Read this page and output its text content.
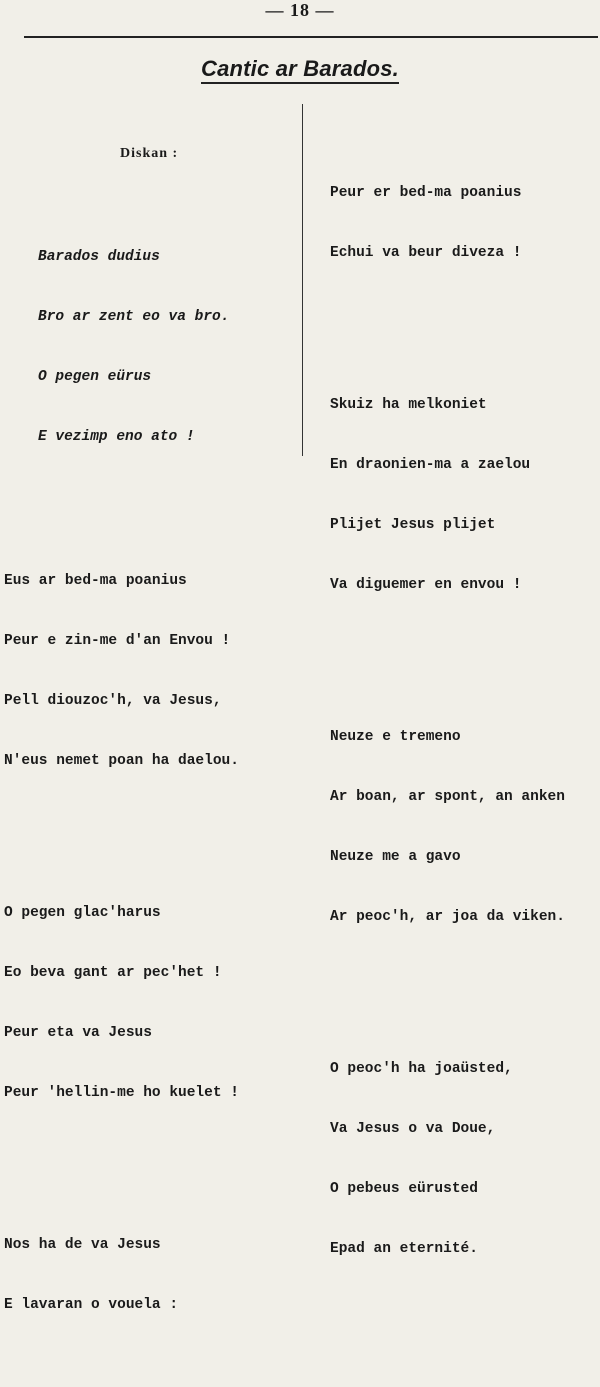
— 18 —
Cantic ar Barados.

Diskan :

Barados dudius

Bro ar zent eo va bro.

O pegen eürus

E vezimp eno ato !

Eus ar bed-ma poanius

Peur e zin-me d'an Envou !

Pell diouzoc'h, va Jesus,

N'eus nemet poan ha daelou.

O pegen glac'harus

Eo beva gant ar pec'het !

Peur eta va Jesus

Peur 'hellin-me ho kuelet !

Nos ha de va Jesus

E lavaran o vouela :

Peur er bed-ma poanius

Echui va beur diveza !

Skuiz ha melkoniet

En draonien-ma a zaelou

Plijet Jesus plijet

Va diguemer en envou !

Neuze e tremeno

Ar boan, ar spont, an anken

Neuze me a gavo

Ar peoc'h, ar joa da viken.

O peoc'h ha joaüsted,

Va Jesus o va Doue,

O pebeus eürusted

Epad an eternité.
